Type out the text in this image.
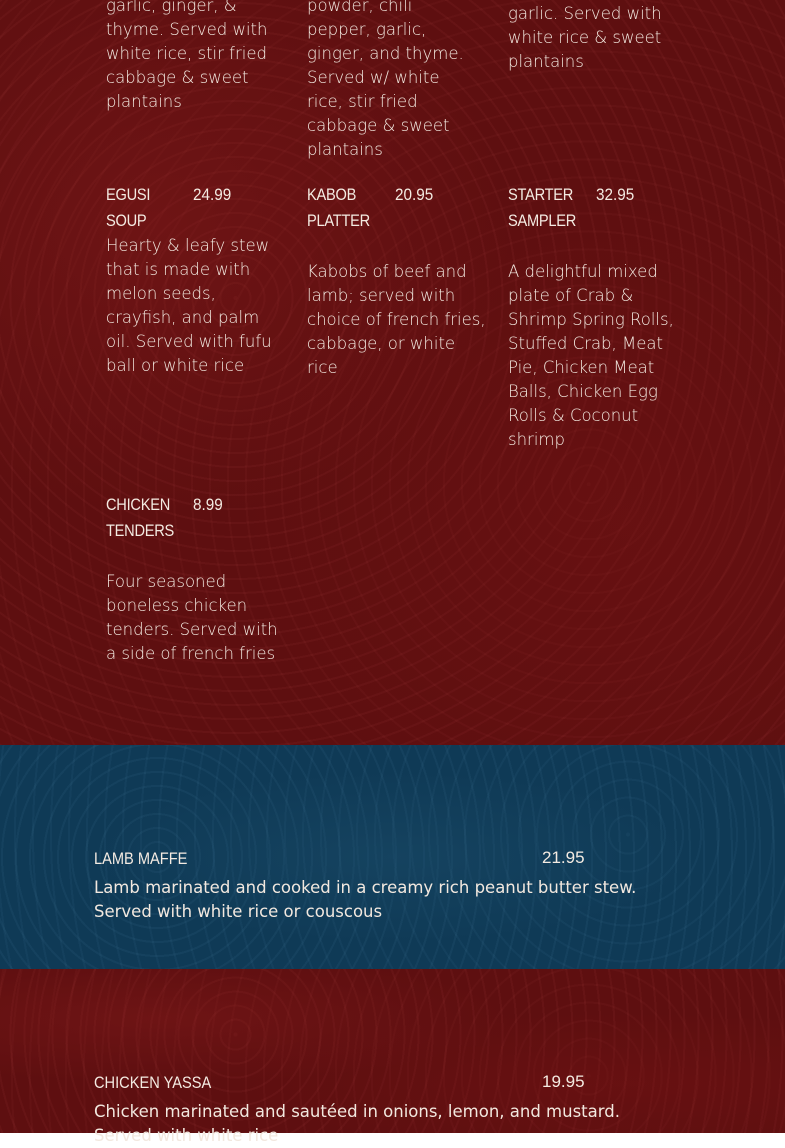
garlic, ginger, & thyme. Served with white rice, stir fried cabbage & sweet plantains
powder, chili pepper, garlic, ginger, and thyme. Served w/ white rice, stir fried cabbage & sweet plantains
garlic. Served with white rice & sweet plantains
EGUSI SOUP
24.99
Hearty & leafy stew that is made with melon seeds, crayfish, and palm oil. Served with fufu ball or white rice
KABOB PLATTER
20.95
Kabobs of beef and lamb; served with choice of french fries, cabbage, or white rice
STARTER SAMPLER
32.95
A delightful mixed plate of Crab & Shrimp Spring Rolls, Stuffed Crab, Meat Pie, Chicken Meat Balls, Chicken Egg Rolls & Coconut shrimp
CHICKEN TENDERS
8.99
Four seasoned boneless chicken tenders. Served with a side of french fries
LAMB MAFFE	21.95
Lamb marinated and cooked in a creamy rich peanut butter stew. Served with white rice or couscous
CHICKEN YASSA	19.95
Chicken marinated and sautéed in onions, lemon, and mustard. Served with white rice
